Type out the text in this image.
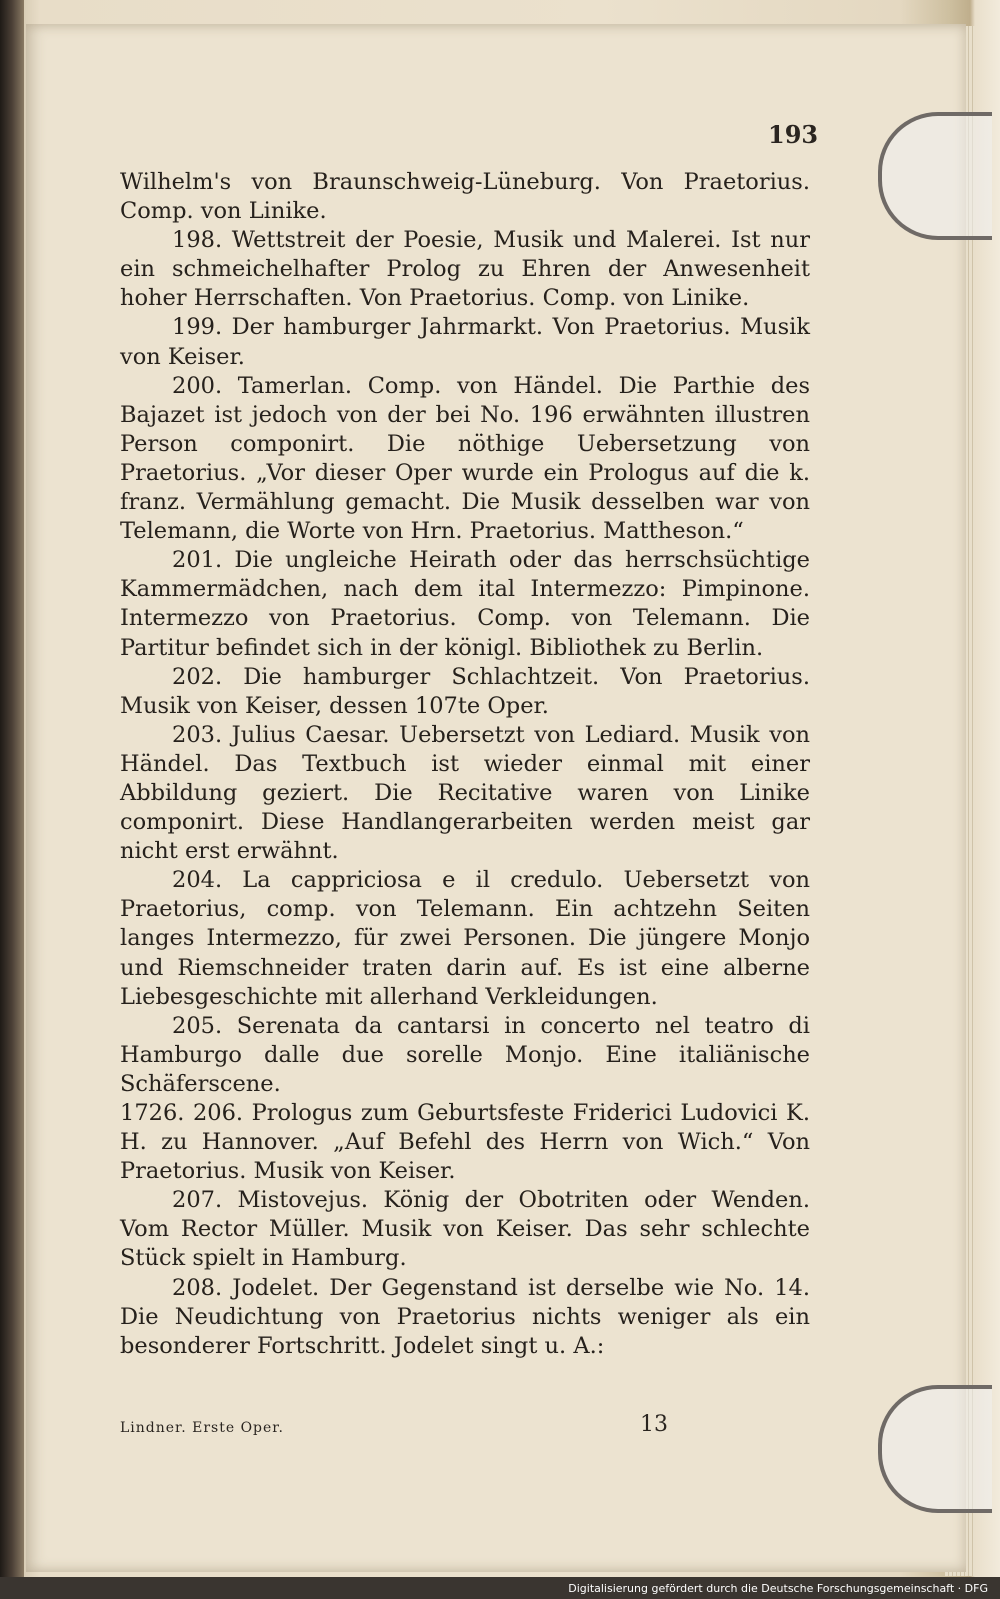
193

Wilhelm's von Braunschweig-Lüneburg. Von Praetorius. Comp. von Linike.

198. Wettstreit der Poesie, Musik und Malerei. Ist nur ein schmeichelhafter Prolog zu Ehren der Anwesenheit hoher Herrschaften. Von Praetorius. Comp. von Linike.

199. Der hamburger Jahrmarkt. Von Praetorius. Musik von Keiser.

200. Tamerlan. Comp. von Händel. Die Parthie des Bajazet ist jedoch von der bei No. 196 erwähnten illustren Person componirt. Die nöthige Uebersetzung von Praetorius. „Vor dieser Oper wurde ein Prologus auf die k. franz. Vermählung gemacht. Die Musik desselben war von Telemann, die Worte von Hrn. Praetorius. Mattheson.“

201. Die ungleiche Heirath oder das herrschsüchtige Kammermädchen, nach dem ital Intermezzo: Pimpinone. Intermezzo von Praetorius. Comp. von Telemann. Die Partitur befindet sich in der königl. Bibliothek zu Berlin.

202. Die hamburger Schlachtzeit. Von Praetorius. Musik von Keiser, dessen 107te Oper.

203. Julius Caesar. Uebersetzt von Lediard. Musik von Händel. Das Textbuch ist wieder einmal mit einer Abbildung geziert. Die Recitative waren von Linike componirt. Diese Handlangerarbeiten werden meist gar nicht erst erwähnt.

204. La cappriciosa e il credulo. Uebersetzt von Praetorius, comp. von Telemann. Ein achtzehn Seiten langes Intermezzo, für zwei Personen. Die jüngere Monjo und Riemschneider traten darin auf. Es ist eine alberne Liebesgeschichte mit allerhand Verkleidungen.

205. Serenata da cantarsi in concerto nel teatro di Hamburgo dalle due sorelle Monjo. Eine italiänische Schäferscene.

1726. 206. Prologus zum Geburtsfeste Friderici Ludovici K. H. zu Hannover. „Auf Befehl des Herrn von Wich.“ Von Praetorius. Musik von Keiser.

207. Mistovejus. König der Obotriten oder Wenden. Vom Rector Müller. Musik von Keiser. Das sehr schlechte Stück spielt in Hamburg.

208. Jodelet. Der Gegenstand ist derselbe wie No. 14. Die Neudichtung von Praetorius nichts weniger als ein besonderer Fortschritt. Jodelet singt u. A.:

Lindner. Erste Oper.	13
Digitalisierung gefördert durch die Deutsche Forschungsgemeinschaft · DFG
